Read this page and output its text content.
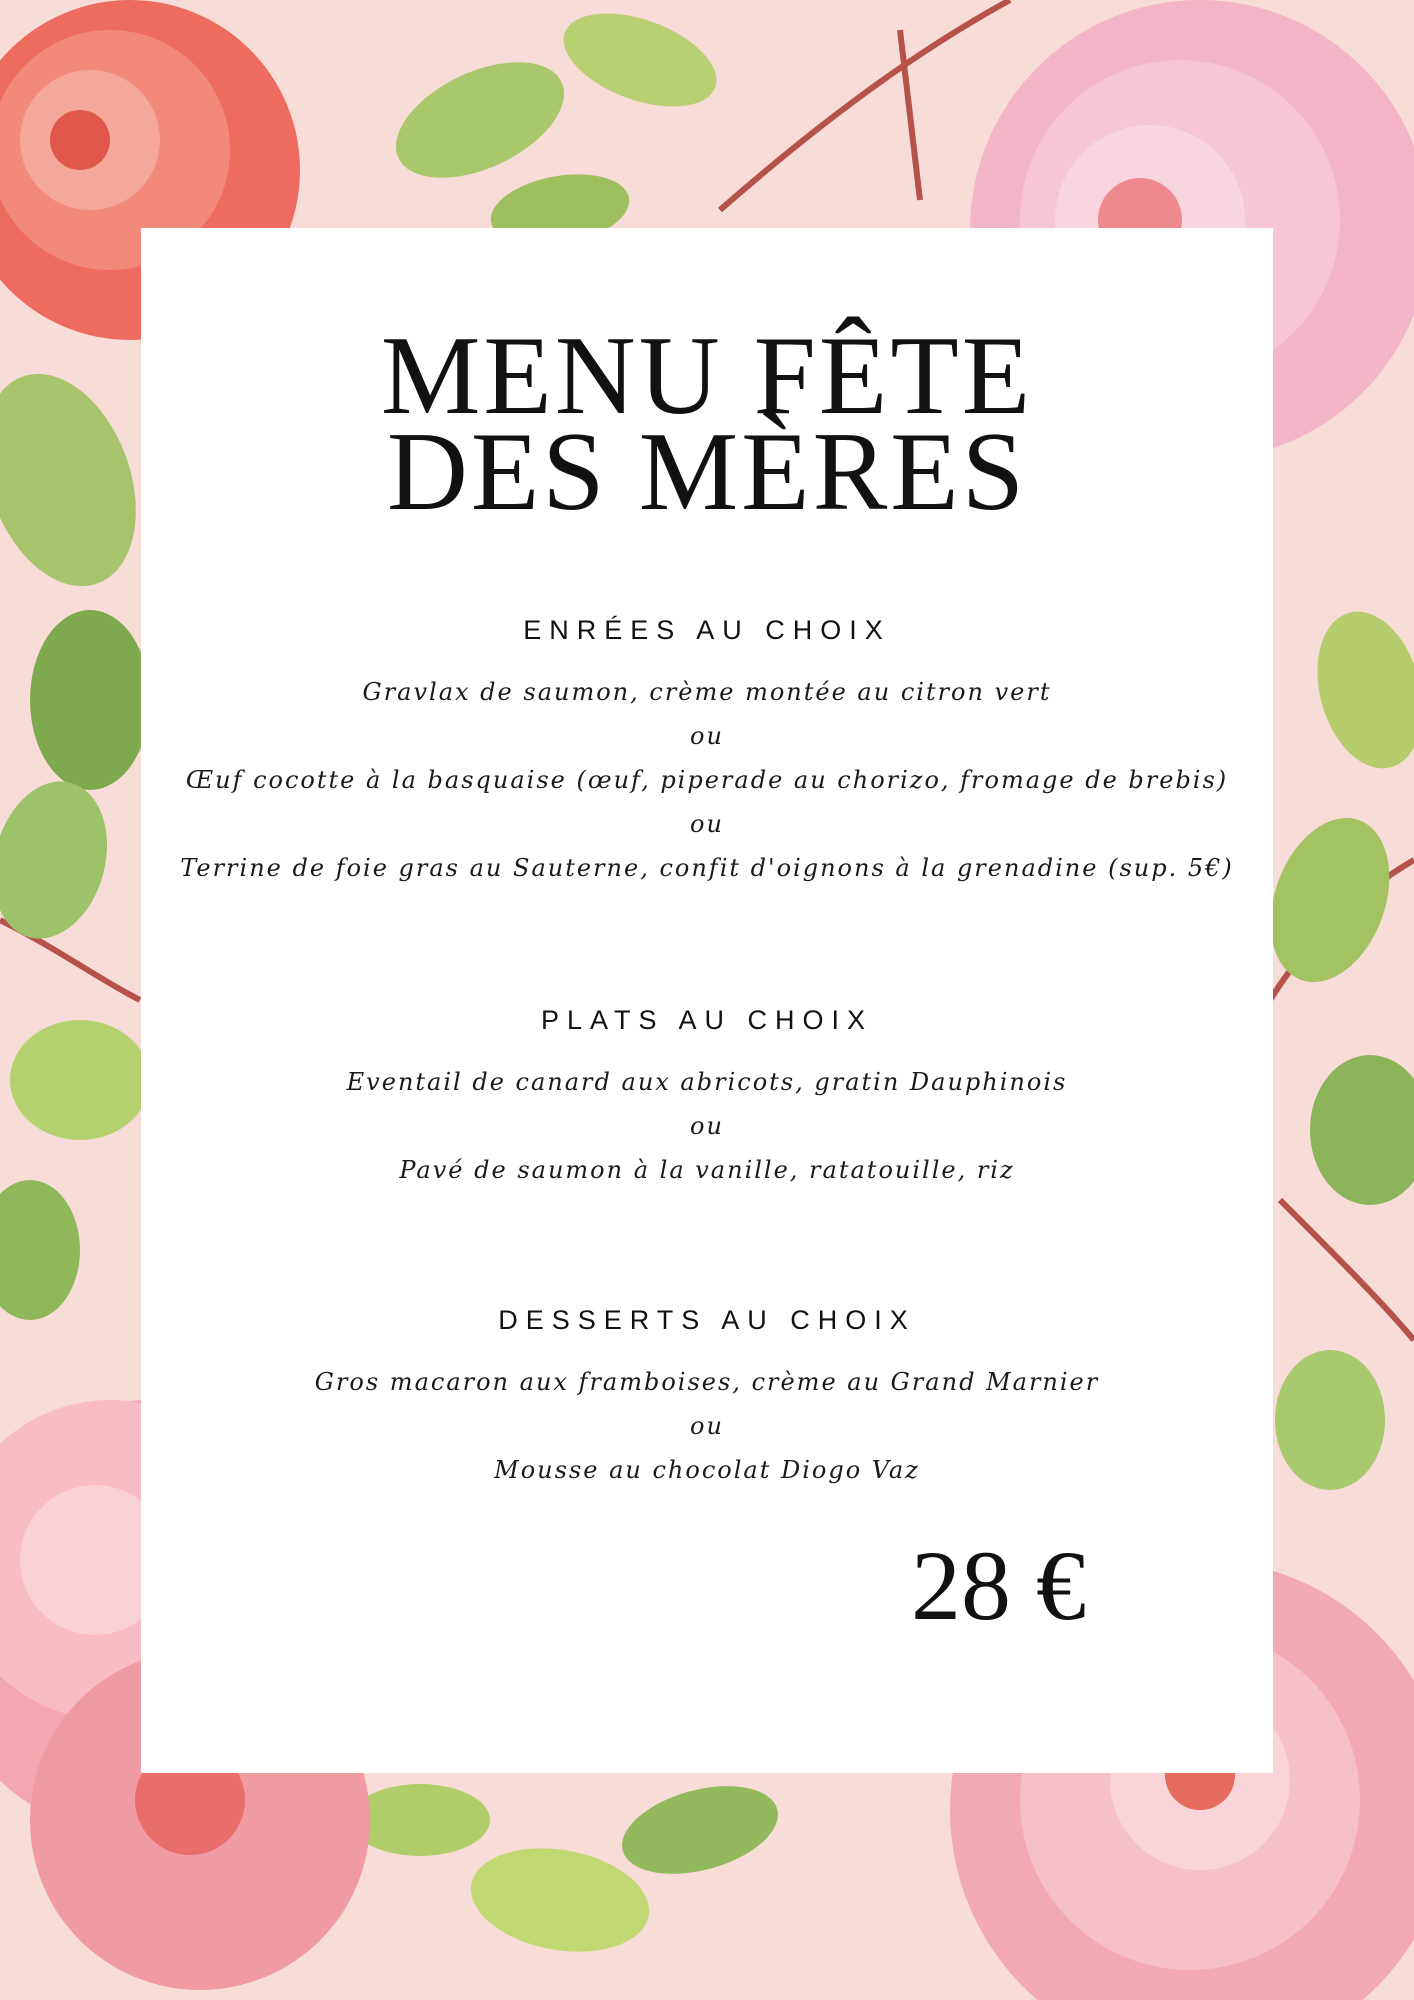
MENU FÊTE
DES MÈRES
ENRÉES AU CHOIX
Gravlax de saumon, crème montée au citron vert
ou
Œuf cocotte à la basquaise (œuf, piperade au chorizo, fromage de brebis)
ou
Terrine de foie gras au Sauterne, confit d'oignons à la grenadine (sup. 5€)
PLATS AU CHOIX
Eventail de canard aux abricots, gratin Dauphinois
ou
Pavé de saumon à la vanille, ratatouille, riz
DESSERTS AU CHOIX
Gros macaron aux framboises, crème au Grand Marnier
ou
Mousse au chocolat Diogo Vaz
28 €
